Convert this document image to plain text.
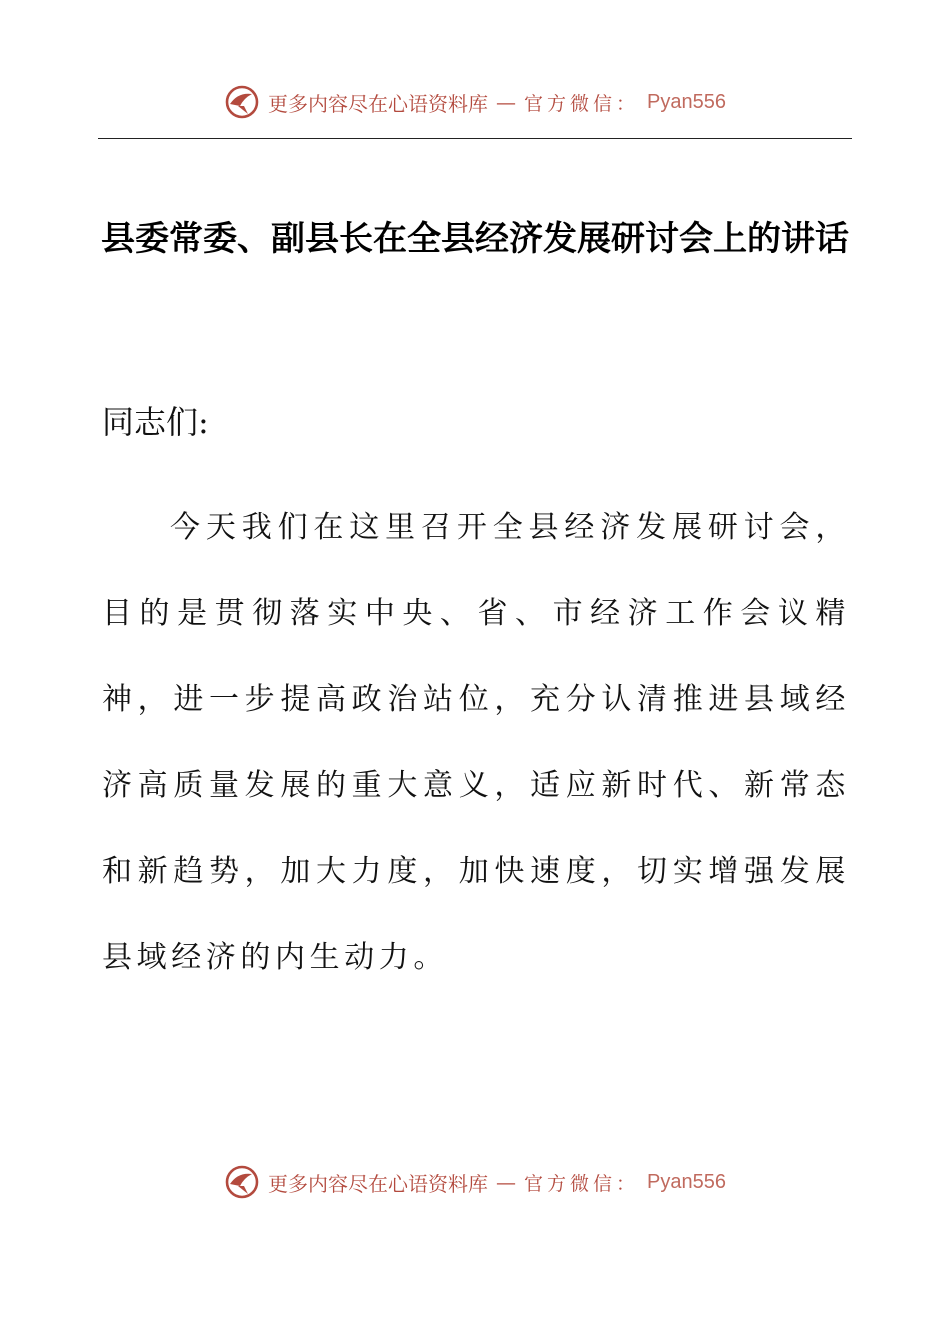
更多内容尽在心语资料库 — 官方微信： Pyan556
县委常委、副县长在全县经济发展研讨会上的讲话

同志们:

今天我们在这里召开全县经济发展研讨会，目的是贯彻落实中央、省、市经济工作会议精神，进一步提高政治站位，充分认清推进县域经济高质量发展的重大意义，适应新时代、新常态和新趋势，加大力度，加快速度，切实增强发展县域经济的内生动力。

更多内容尽在心语资料库 — 官方微信： Pyan556
